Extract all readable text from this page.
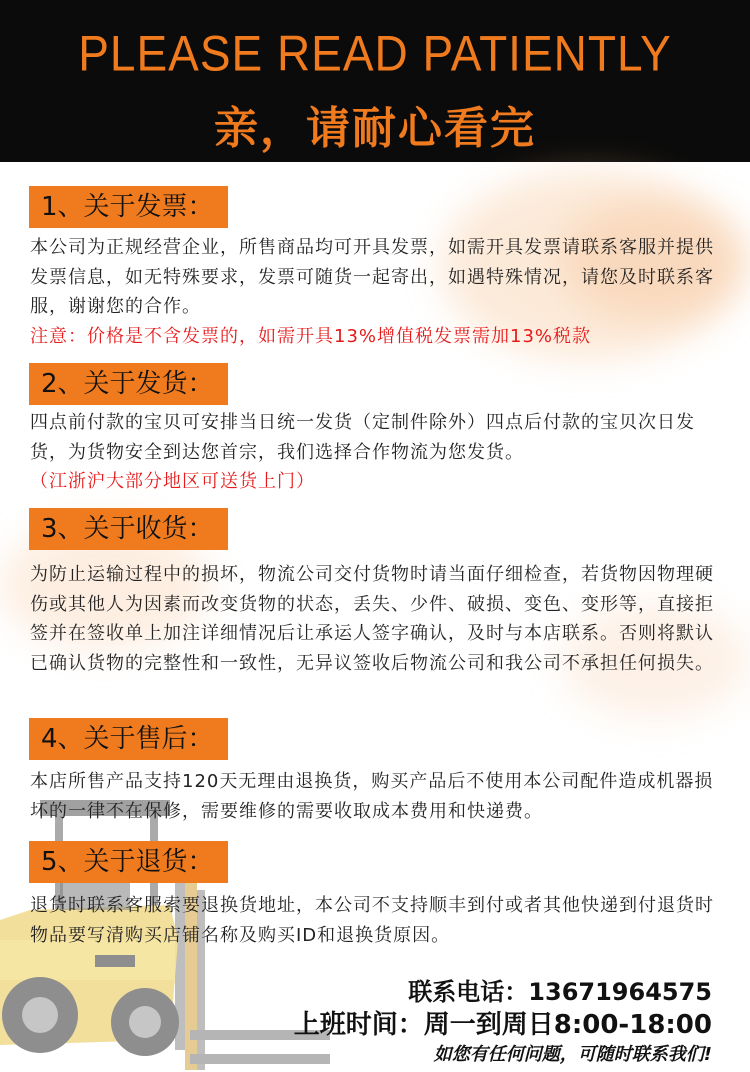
PLEASE READ PATIENTLY
亲，请耐心看完
1、关于发票：
本公司为正规经营企业，所售商品均可开具发票，如需开具发票请联系客服并提供发票信息，如无特殊要求，发票可随货一起寄出，如遇特殊情况，请您及时联系客服，谢谢您的合作。
注意：价格是不含发票的，如需开具13%增值税发票需加13%税款
2、关于发货：
四点前付款的宝贝可安排当日统一发货（定制件除外）四点后付款的宝贝次日发货，为货物安全到达您首宗，我们选择合作物流为您发货。
（江浙沪大部分地区可送货上门）
3、关于收货：
为防止运输过程中的损坏，物流公司交付货物时请当面仔细检查，若货物因物理硬伤或其他人为因素而改变货物的状态，丢失、少件、破损、变色、变形等，直接拒签并在签收单上加注详细情况后让承运人签字确认，及时与本店联系。否则将默认已确认货物的完整性和一致性，无异议签收后物流公司和我公司不承担任何损失。
4、关于售后：
本店所售产品支持120天无理由退换货，购买产品后不使用本公司配件造成机器损坏的一律不在保修，需要维修的需要收取成本费用和快递费。
5、关于退货：
退货时联系客服索要退换货地址，本公司不支持顺丰到付或者其他快递到付退货时物品要写清购买店铺名称及购买ID和退换货原因。
联系电话：13671964575
上班时间：周一到周日8:00-18:00
如您有任何问题，可随时联系我们!
